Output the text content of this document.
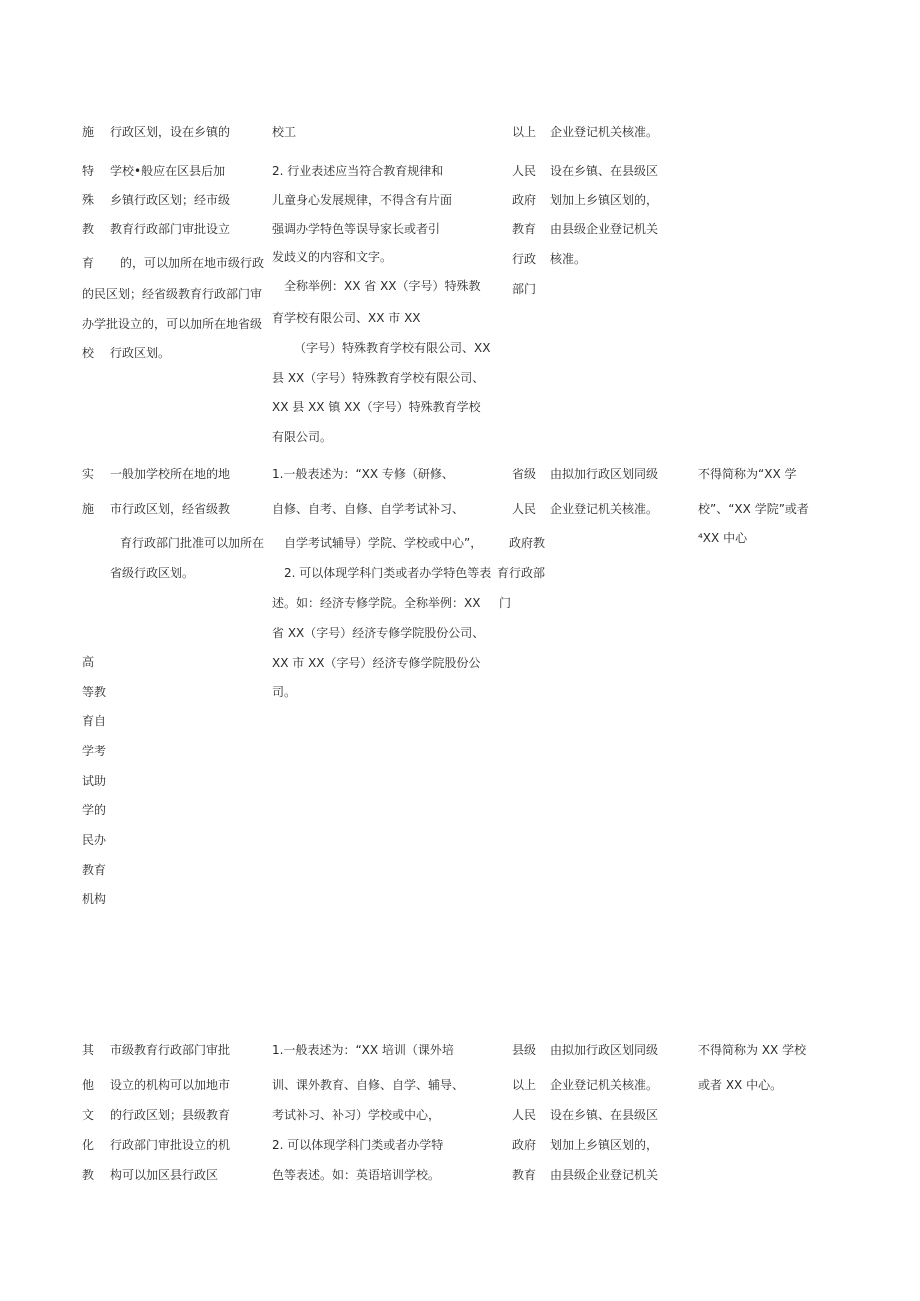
施 行政区划，设在乡镇的	校工	以上 企业登记机关核准。

特

殊

教

育

的民区划；经省级教育行政部门审

办学批设立的，可以加所在地省级

校

学校•般应在区县后加

乡镇行政区划；经市级

教育行政部门审批设立

的，可以加所在地市级行政

行政区划。

2. 行业表述应当符合教育规律和

儿童身心发展规律，不得含有片面

强调办学特色等误导家长或者引

发歧义的内容和文字。

全称举例：XX 省 XX（字号）特殊教

育学校有限公司、XX 市 XX

（字号）特殊教育学校有限公司、XX

县 XX（字号）特殊教育学校有限公司、

XX 县 XX 镇 XX（字号）特殊教育学校

有限公司。

人民

政府

教育

行政

部门

设在乡镇、在县级区

划加上乡镇区划的，

由县级企业登记机关

核准。

实

施

高

等教

育自

学考

试助

学的

民办

教育

机构

一般加学校所在地的地

市行政区划，经省级教

育行政部门批准可以加所在

省级行政区划。

1.一般表述为：“XX 专修（研修、

自修、自考、自修、自学考试补习、

自学考试辅导）学院、学校或中心”，

2. 可以体现学科门类或者办学特色等表

述。如：经济专修学院。全称举例：XX

省 XX（字号）经济专修学院股份公司、

XX 市 XX（字号）经济专修学院股份公

司。

省级

人民

政府教

育行政部

门

由拟加行政区划同级

企业登记机关核准。

不得简称为“XX 学

校”、“XX 学院”或者

⁴XX 中心

其

他

文

化

教

市级教育行政部门审批

设立的机构可以加地市

的行政区划；县级教育

行政部门审批设立的机

构可以加区县行政区

1.一般表述为：“XX 培训（课外培

训、课外教育、自修、自学、辅导、

考试补习、补习）学校或中心，

2. 可以体现学科门类或者办学特

色等表述。如：英语培训学校。

县级

以上

人民

政府

教育

由拟加行政区划同级

企业登记机关核准。

设在乡镇、在县级区

划加上乡镇区划的，

由县级企业登记机关

不得简称为 XX 学校

或者 XX 中心。
